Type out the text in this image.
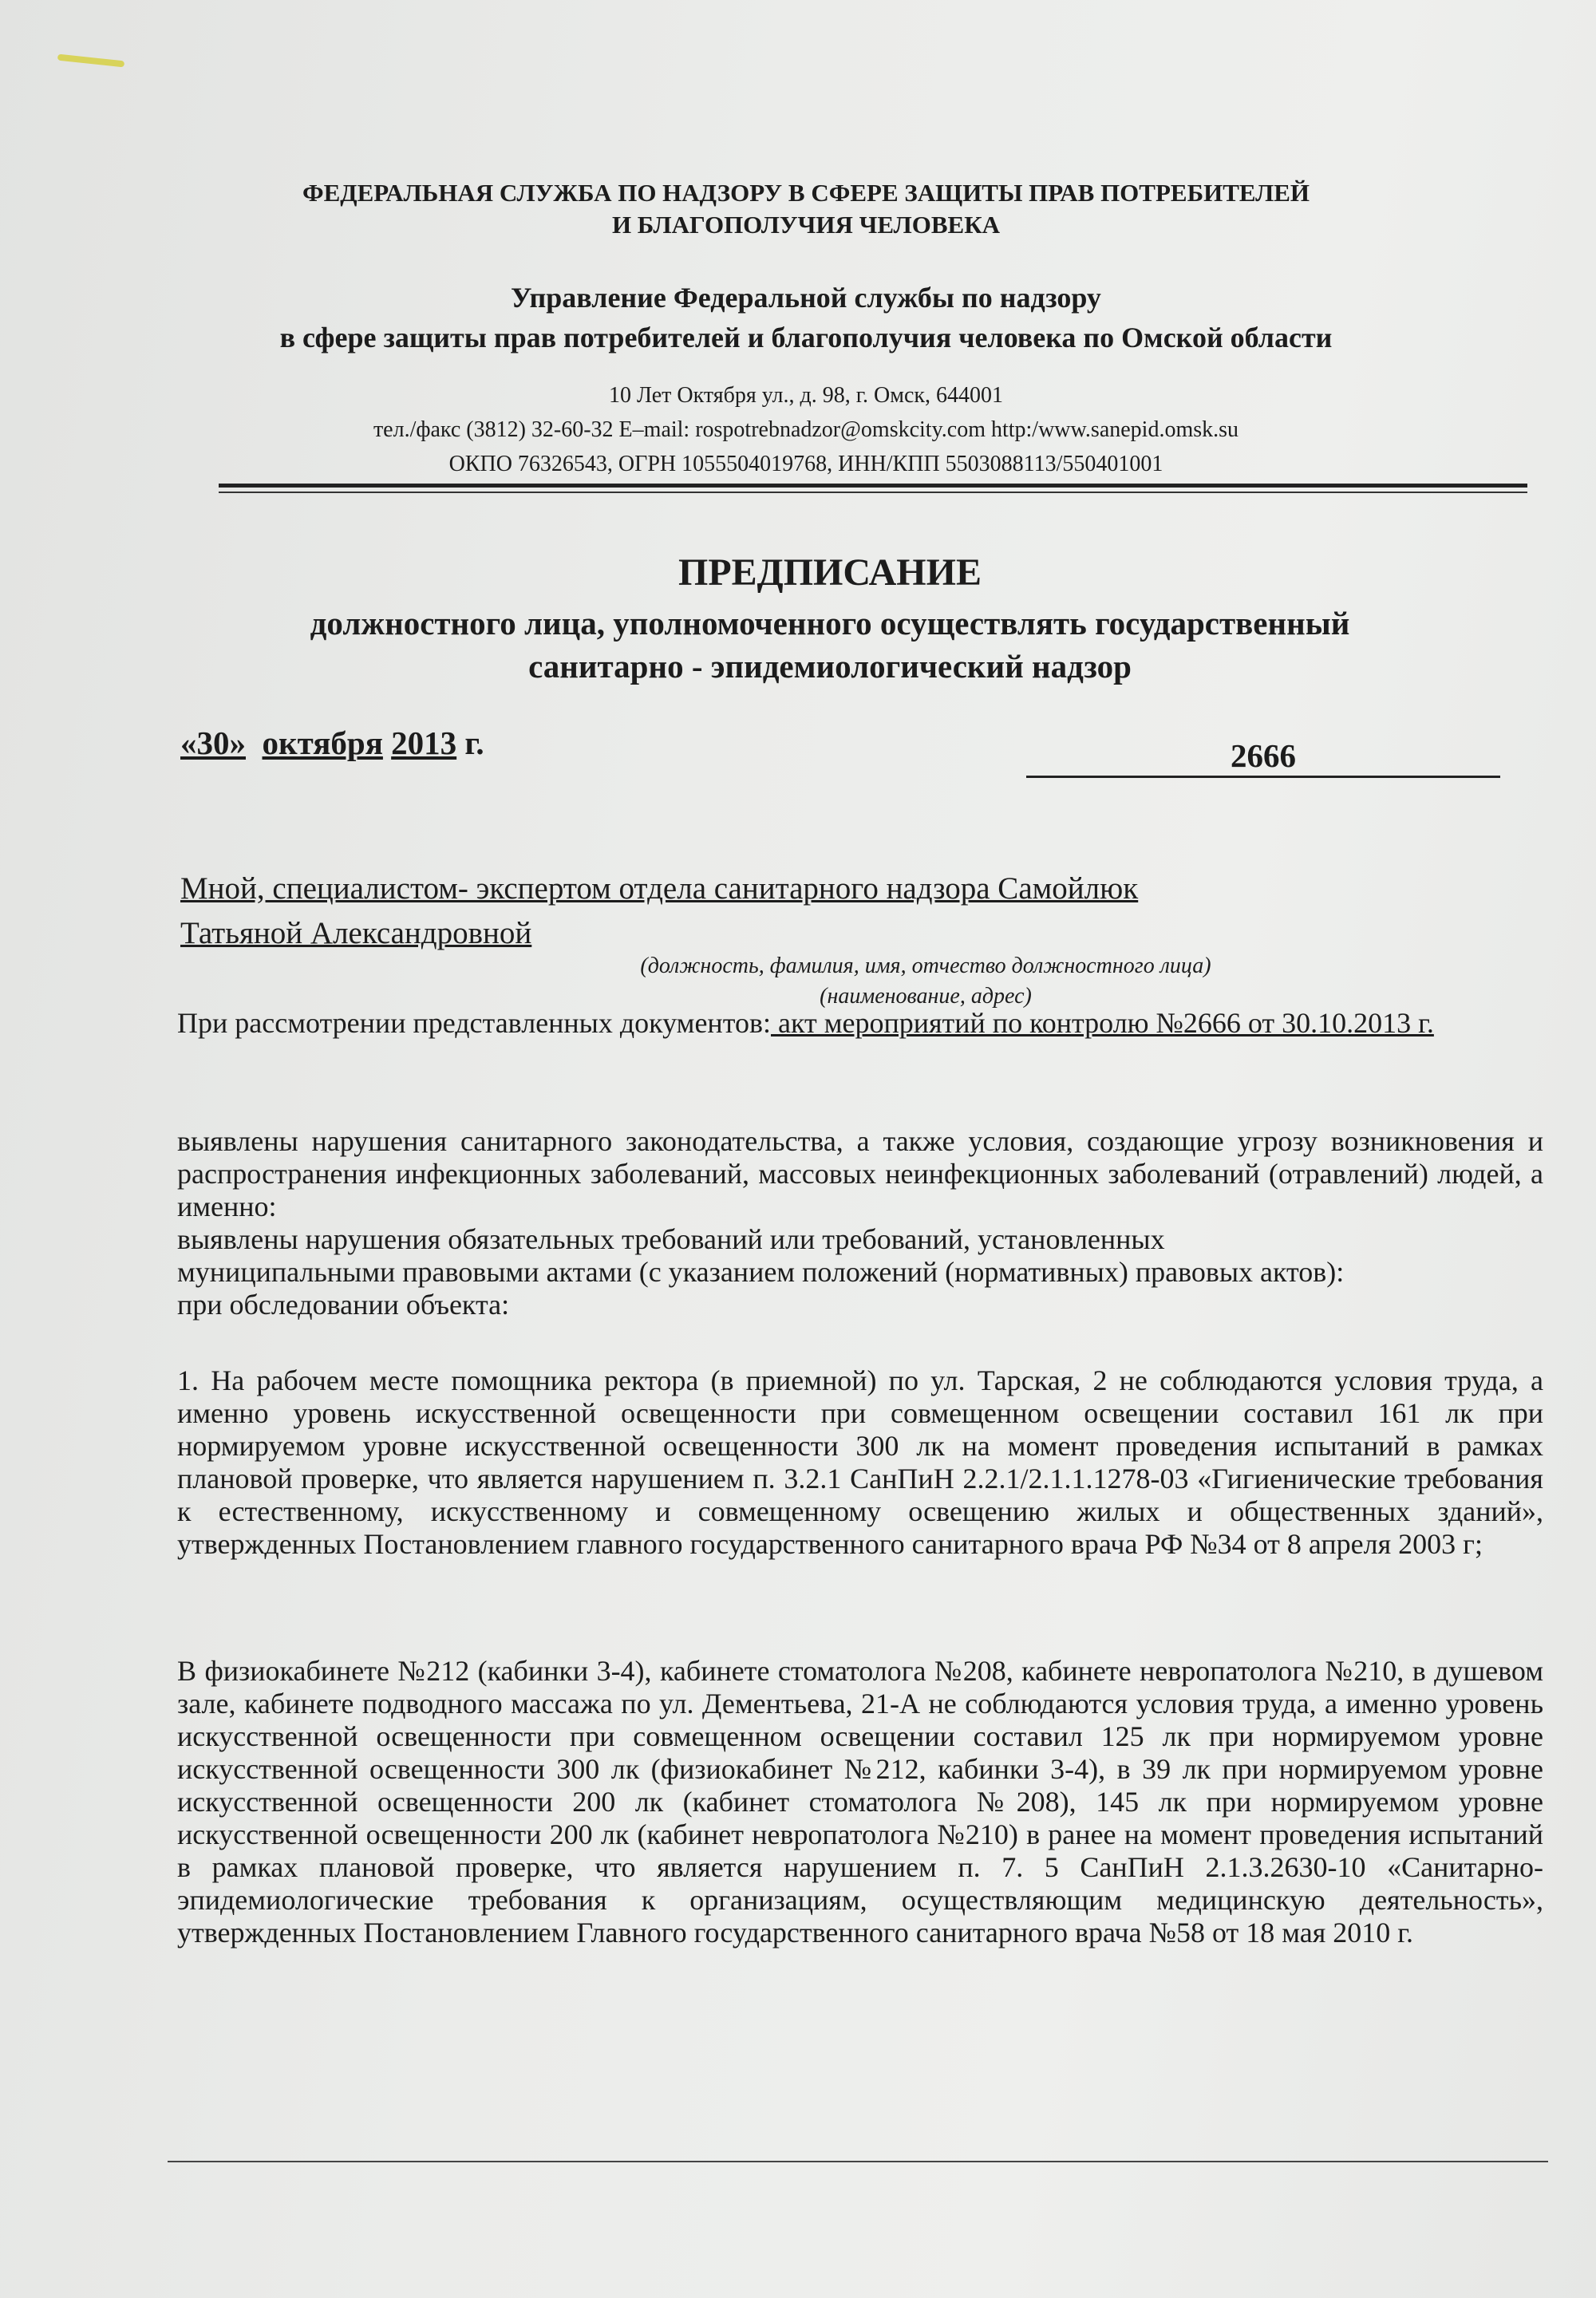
ФЕДЕРАЛЬНАЯ СЛУЖБА ПО НАДЗОРУ В СФЕРЕ ЗАЩИТЫ ПРАВ ПОТРЕБИТЕЛЕЙ
И БЛАГОПОЛУЧИЯ ЧЕЛОВЕКА
Управление Федеральной службы по надзору
в сфере защиты прав потребителей и благополучия человека по Омской области
10 Лет Октября ул., д. 98, г. Омск, 644001
тел./факс (3812) 32-60-32 E–mail: rospotrebnadzor@omskcity.com http:/www.sanepid.omsk.su
ОКПО 76326543, ОГРН 1055504019768, ИНН/КПП 5503088113/550401001
ПРЕДПИСАНИЕ
должностного лица, уполномоченного осуществлять государственный
санитарно - эпидемиологический надзор
«30» октября 2013 г.	2666
Мной, специалистом- экспертом отдела санитарного надзора Самойлюк
Татьяной Александровной
(должность, фамилия, имя, отчество должностного лица)
(наименование, адрес)
При рассмотрении представленных документов: акт мероприятий по контролю №2666 от 30.10.2013 г.
выявлены нарушения санитарного законодательства, а также условия, создающие угрозу возникновения и распространения инфекционных заболеваний, массовых неинфекционных заболеваний (отравлений) людей, а именно:
выявлены нарушения обязательных требований или требований, установленных
муниципальными правовыми актами (с указанием положений (нормативных) правовых актов):
при обследовании объекта:
1. На рабочем месте помощника ректора (в приемной) по ул. Тарская, 2 не соблюдаются условия труда, а именно уровень искусственной освещенности при совмещенном освещении составил 161 лк при нормируемом уровне искусственной освещенности 300 лк на момент проведения испытаний в рамках плановой проверке, что является нарушением п. 3.2.1 СанПиН 2.2.1/2.1.1.1278-03 «Гигиенические требования к естественному, искусственному и совмещенному освещению жилых и общественных зданий», утвержденных Постановлением главного государственного санитарного врача РФ №34 от 8 апреля 2003 г;
В физиокабинете №212 (кабинки 3-4), кабинете стоматолога №208, кабинете невропатолога №210, в душевом зале, кабинете подводного массажа по ул. Дементьева, 21-А не соблюдаются условия труда, а именно уровень искусственной освещенности при совмещенном освещении составил 125 лк при нормируемом уровне искусственной освещенности 300 лк (физиокабинет №212, кабинки 3-4), в 39 лк при нормируемом уровне искусственной освещенности 200 лк (кабинет стоматолога №208), 145 лк при нормируемом уровне искусственной освещенности 200 лк (кабинет невропатолога №210) в ранее на момент проведения испытаний в рамках плановой проверке, что является нарушением п. 7. 5 СанПиН 2.1.3.2630-10 «Санитарно-эпидемиологические требования к организациям, осуществляющим медицинскую деятельность», утвержденных Постановлением Главного государственного санитарного врача №58 от 18 мая 2010 г.
